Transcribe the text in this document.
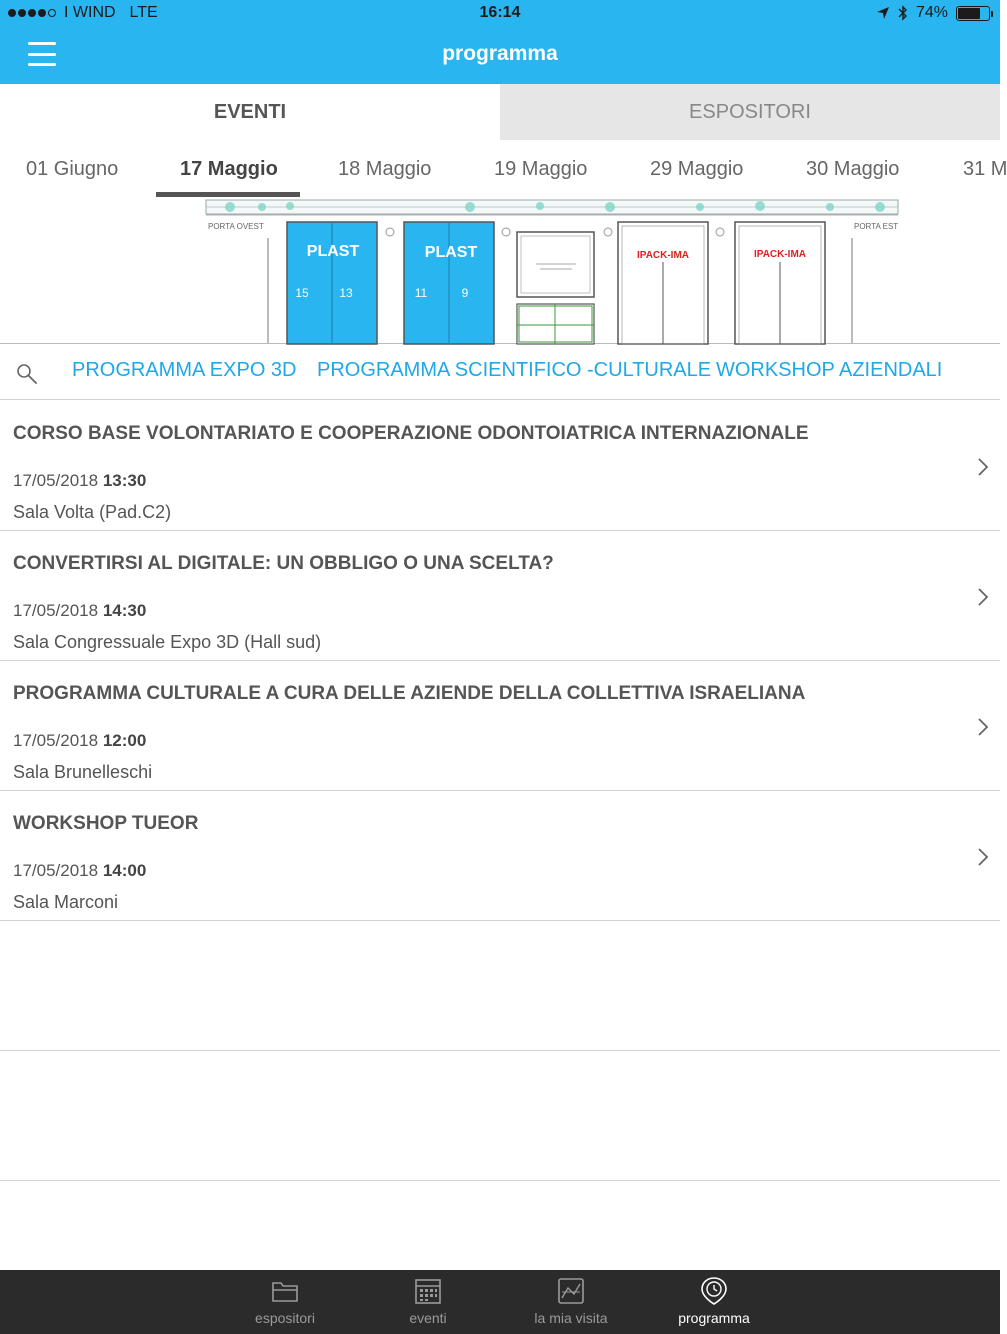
I WIND LTE	16:14	74%
programma
EVENTI	ESPOSITORI
01 Giugno	17 Maggio	18 Maggio	19 Maggio	29 Maggio	30 Maggio	31 M
PORTA OVEST	PORTA EST
PLAST
15	13
PLAST
11	9
IPACK-IMA	IPACK-IMA
PROGRAMMA EXPO 3D PROGRAMMA SCIENTIFICO -CULTURALE WORKSHOP AZIENDALI
CORSO BASE VOLONTARIATO E COOPERAZIONE ODONTOIATRICA INTERNAZIONALE
17/05/2018 13:30
Sala Volta (Pad.C2)
CONVERTIRSI AL DIGITALE: UN OBBLIGO O UNA SCELTA?
17/05/2018 14:30
Sala Congressuale Expo 3D (Hall sud)
PROGRAMMA CULTURALE A CURA DELLE AZIENDE DELLA COLLETTIVA ISRAELIANA
17/05/2018 12:00
Sala Brunelleschi
WORKSHOP TUEOR
17/05/2018 14:00
Sala Marconi
espositori	eventi	la mia visita	programma
